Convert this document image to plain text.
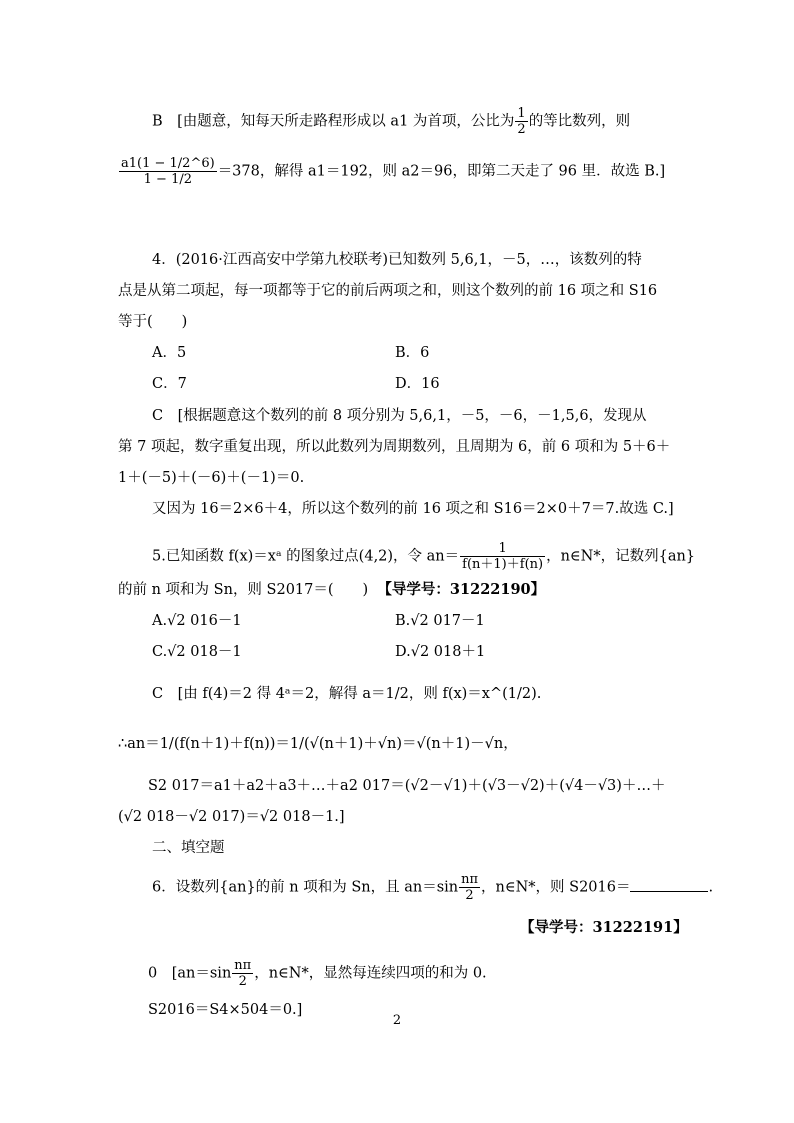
B　[由题意，知每天所走路程形成以 a1 为首项，公比为 $\frac{1}{2}$ 的等比数列，则
$\frac{a1(1 - 1/2\^{}6)}{1 - 1/2} =378$，解得 a1＝192，则 a2＝96，即第二天走了 96 里．故选 B.]
4．(2016·江西高安中学第九校联考)已知数列 5,6,1，－5，…，该数列的特
点是从第二项起，每一项都等于它的前后两项之和，则这个数列的前 16 项之和 S16
等于(　　)
A．5	B．6
C．7	D．16
C　[根据题意这个数列的前 8 项分别为 5,6,1，－5，－6，－1,5,6，发现从
第 7 项起，数字重复出现，所以此数列为周期数列，且周期为 6，前 6 项和为 5＋6＋
1＋(－5)＋(－6)＋(－1)＝0.
又因为 16＝2×6＋4，所以这个数列的前 16 项之和 S16＝2×0＋7＝7.故选 C.]
5.已知函数 f(x)＝xᵃ 的图象过点(4,2)，令 $an= \frac{1}{f(n+1)+f(n)}$ ，n∈N*，记数列{an}
的前 n 项和为 Sn，则 S2017＝(　　) 【导学号：31222190】
A.√2 016－1	B.√2 017－1
C.√2 018－1	D.√2 018＋1
C　[由 f(4)＝2 得 4ᵃ＝2，解得 a＝1/2，则 f(x)＝x^(1/2).
∴an＝1/(f(n＋1)＋f(n))＝1/(√(n＋1)＋√n)＝√(n＋1)－√n，
S2 017＝a1＋a2＋a3＋…＋a2 017＝(√2－√1)＋(√3－√2)＋(√4－√3)＋…＋
(√2 018－√2 017)＝√2 018－1.]
二、填空题
6．设数列{an}的前 n 项和为 Sn，且 $an=\sin \frac{n\pi}{2}$ ，n∈N*，则 S2016＝	.
【导学号：31222191】
0　[$an=\sin \frac{n\pi}{2}$ ，n∈N*，显然每连续四项的和为 0.
S2016＝S4×504＝0.]
2
